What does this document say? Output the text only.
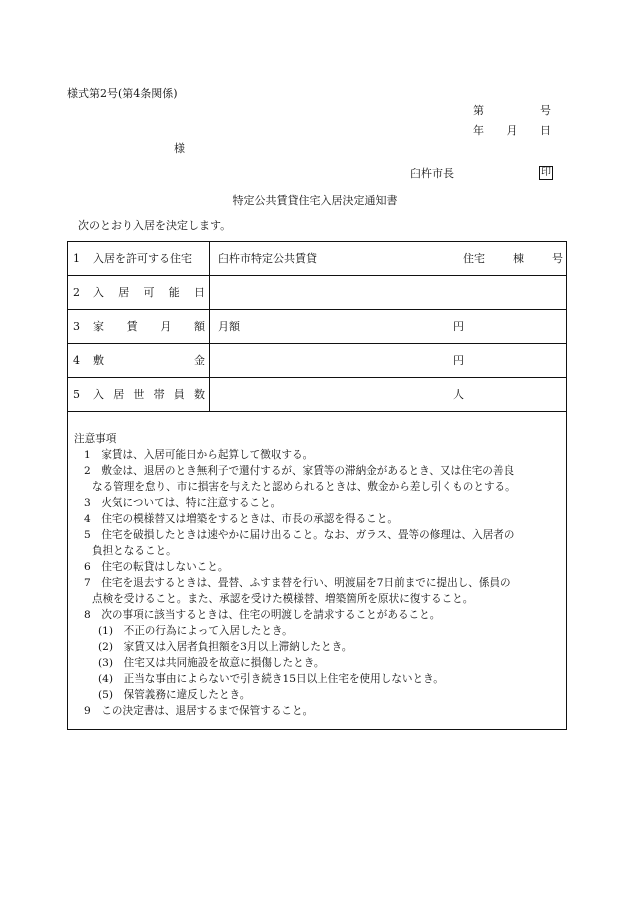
様式第2号(第4条関係)
第	号
年 月 日
様
臼杵市長	印
特定公共賃貸住宅入居決定通知書
次のとおり入居を決定します。
1 入居を許可する住宅 臼杵市特定公共賃貸	住宅	棟	号
2 入 居 可 能 日
3 家 賃 月 額 月額	円
4 敷	金	円
5 入 居 世 帯 員 数	人
注意事項
1　家賃は、入居可能日から起算して徴収する。
2　敷金は、退居のとき無利子で還付するが、家賃等の滞納金があるとき、又は住宅の善良
なる管理を怠り、市に損害を与えたと認められるときは、敷金から差し引くものとする。
3　火気については、特に注意すること。
4　住宅の模様替又は増築をするときは、市長の承認を得ること。
5　住宅を破損したときは速やかに届け出ること。なお、ガラス、畳等の修理は、入居者の
負担となること。
6　住宅の転貸はしないこと。
7　住宅を退去するときは、畳替、ふすま替を行い、明渡届を7日前までに提出し、係員の
点検を受けること。また、承認を受けた模様替、増築箇所を原状に復すること。
8　次の事項に該当するときは、住宅の明渡しを請求することがあること。
(1)　不正の行為によって入居したとき。
(2)　家賃又は入居者負担額を3月以上滞納したとき。
(3)　住宅又は共同施設を故意に損傷したとき。
(4)　正当な事由によらないで引き続き15日以上住宅を使用しないとき。
(5)　保管義務に違反したとき。
9　この決定書は、退居するまで保管すること。
